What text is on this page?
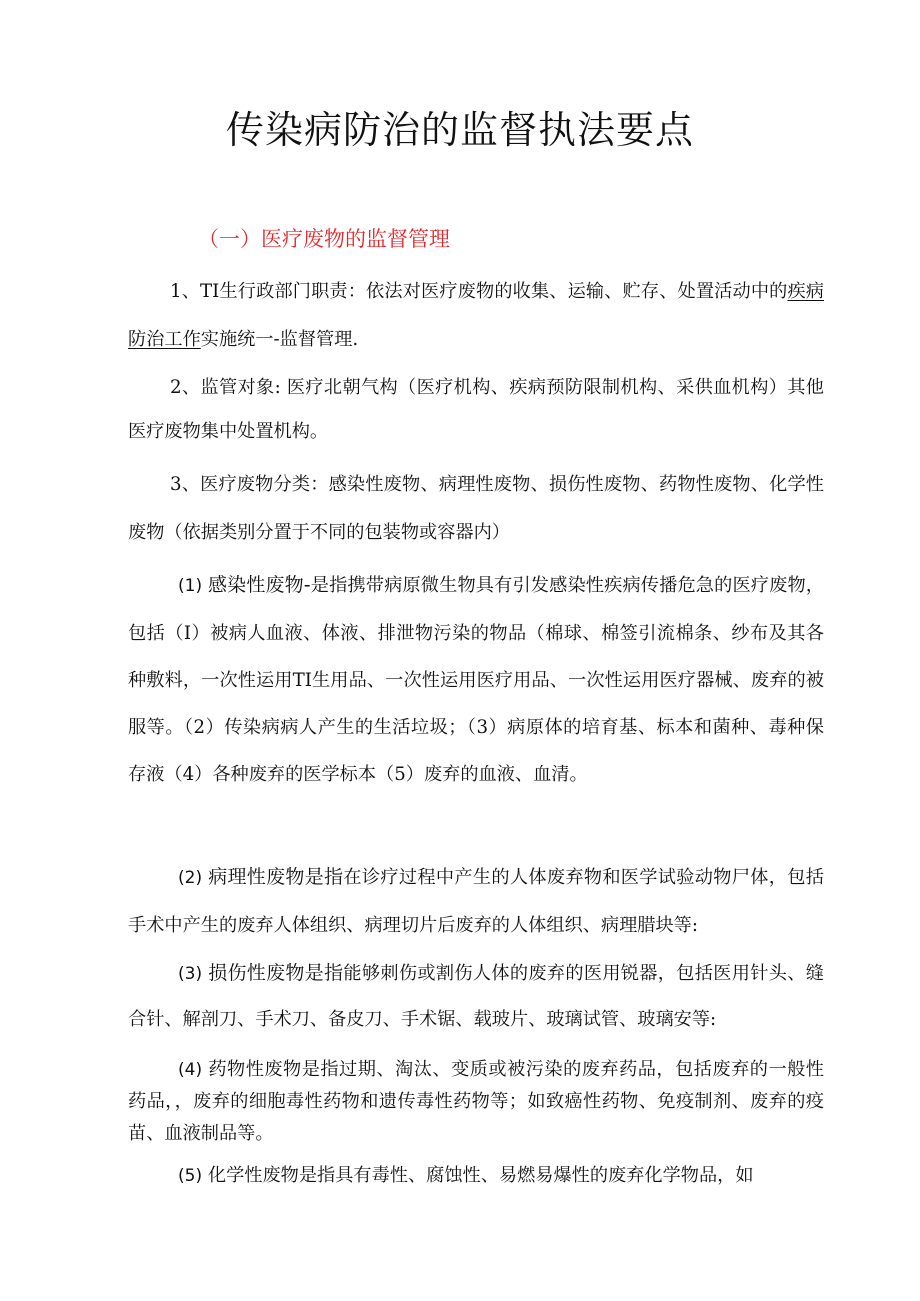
传染病防治的监督执法要点
（一）医疗废物的监督管理
1、TI生行政部门职责：依法对医疗废物的收集、运输、贮存、处置活动中的疾病防治工作实施统一-监督管理.
2、监管对象: 医疗北朝气构（医疗机构、疾病预防限制机构、采供血机构）其他医疗废物集中处置机构。
3、医疗废物分类：感染性废物、病理性废物、损伤性废物、药物性废物、化学性废物（依据类别分置于不同的包装物或容器内）
(1) 感染性废物-是指携带病原微生物具有引发感染性疾病传播危急的医疗废物，包括（I）被病人血液、体液、排泄物污染的物品（棉球、棉签引流棉条、纱布及其各种敷料，一次性运用TI生用品、一次性运用医疗用品、一次性运用医疗器械、废弃的被服等。（2）传染病病人产生的生活垃圾；（3）病原体的培育基、标本和菌种、毒种保存液（4）各种废弃的医学标本（5）废弃的血液、血清。
(2) 病理性废物是指在诊疗过程中产生的人体废弃物和医学试验动物尸体，包括手术中产生的废弃人体组织、病理切片后废弃的人体组织、病理腊块等:
(3) 损伤性废物是指能够刺伤或割伤人体的废弃的医用锐器，包括医用针头、缝合针、解剖刀、手术刀、备皮刀、手术锯、载玻片、玻璃试管、玻璃安等:
(4) 药物性废物是指过期、淘汰、变质或被污染的废弃药品，包括废弃的一般性药品，，废弃的细胞毒性药物和遗传毒性药物等；如致癌性药物、免疫制剂、废弃的疫苗、血液制品等。
(5) 化学性废物是指具有毒性、腐蚀性、易燃易爆性的废弃化学物品，如
